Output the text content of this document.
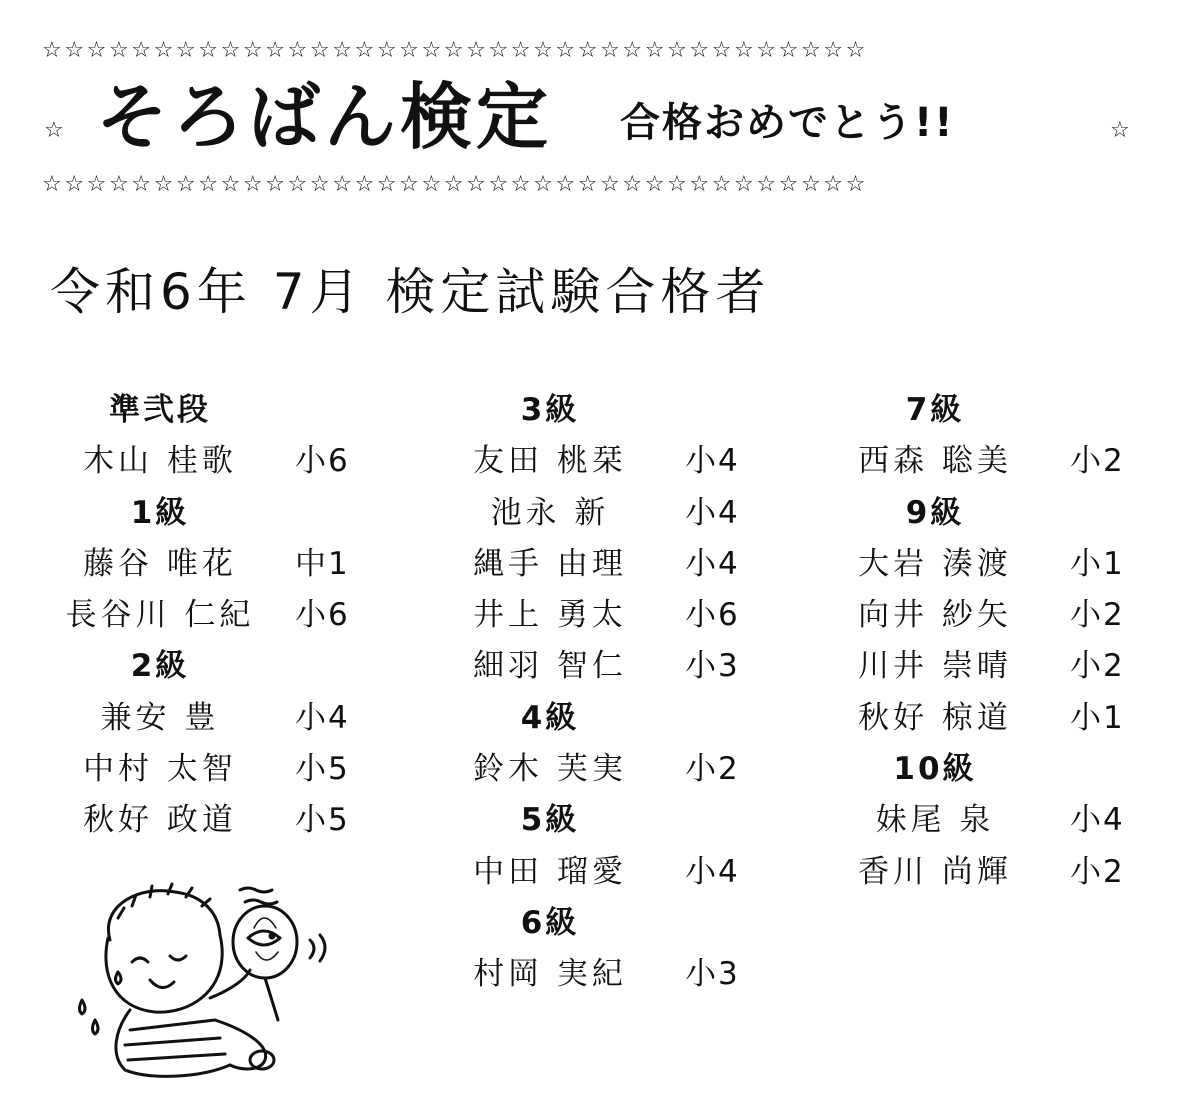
☆☆☆☆☆☆☆☆☆☆☆☆☆☆☆☆☆☆☆☆☆☆☆☆☆☆☆☆☆☆☆☆☆☆☆☆☆
☆ そろばん検定 合格おめでとう!!	☆
☆☆☆☆☆☆☆☆☆☆☆☆☆☆☆☆☆☆☆☆☆☆☆☆☆☆☆☆☆☆☆☆☆☆☆☆☆
令和6年 7月 検定試験合格者
準弐段
木山 桂歌	小6
1級
藤谷 唯花	中1
長谷川 仁紀	小6
2級
兼安 豊	小4
中村 太智	小5
秋好 政道	小5
3級
友田 桃栞	小4
池永 新	小4
縄手 由理	小4
井上 勇太	小6
細羽 智仁	小3
4級
鈴木 芙実	小2
5級
中田 瑠愛	小4
6級
村岡 実紀	小3
7級
西森 聡美	小2
9級
大岩 湊渡	小1
向井 紗矢	小2
川井 崇晴	小2
秋好 椋道	小1
10級
妹尾 泉	小4
香川 尚輝	小2
